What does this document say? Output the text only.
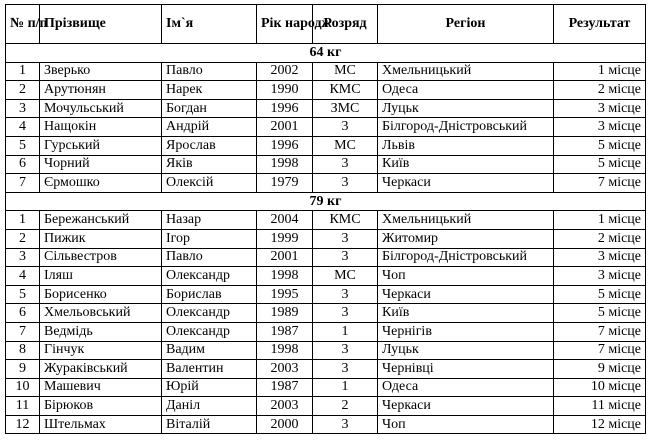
№ п/п	Прізвище	Ім`я	Рік народж	Розряд	Регіон	Результат
64 кг						
1	Зверько	Павло	2002	МС	Хмельницький	1 місце
2	Арутюнян	Нарек	1990	КМС	Одеса	2 місце
3	Мочульський	Богдан	1996	ЗМС	Луцьк	3 місце
4	Нащокін	Андрій	2001	3	Білгород-Дністровський	3 місце
5	Гурський	Ярослав	1996	МС	Львів	5 місце
6	Чорний	Яків	1998	3	Київ	5 місце
7	Єрмошко	Олексій	1979	3	Черкаси	7 місце
79 кг						
1	Бережанський	Назар	2004	КМС	Хмельницький	1 місце
2	Пижик	Ігор	1999	3	Житомир	2 місце
3	Сільвестров	Павло	2001	3	Білгород-Дністровський	3 місце
4	Іляш	Олександр	1998	МС	Чоп	3 місце
5	Борисенко	Борислав	1995	3	Черкаси	5 місце
6	Хмельовський	Олександр	1989	3	Київ	5 місце
7	Ведмідь	Олександр	1987	1	Чернігів	7 місце
8	Гінчук	Вадим	1998	3	Луцьк	7 місце
9	Жураківський	Валентин	2003	3	Чернівці	9 місце
10	Машевич	Юрій	1987	1	Одеса	10 місце
11	Бірюков	Даніл	2003	2	Черкаси	11 місце
12	Штельмах	Віталій	2000	3	Чоп	12 місце
